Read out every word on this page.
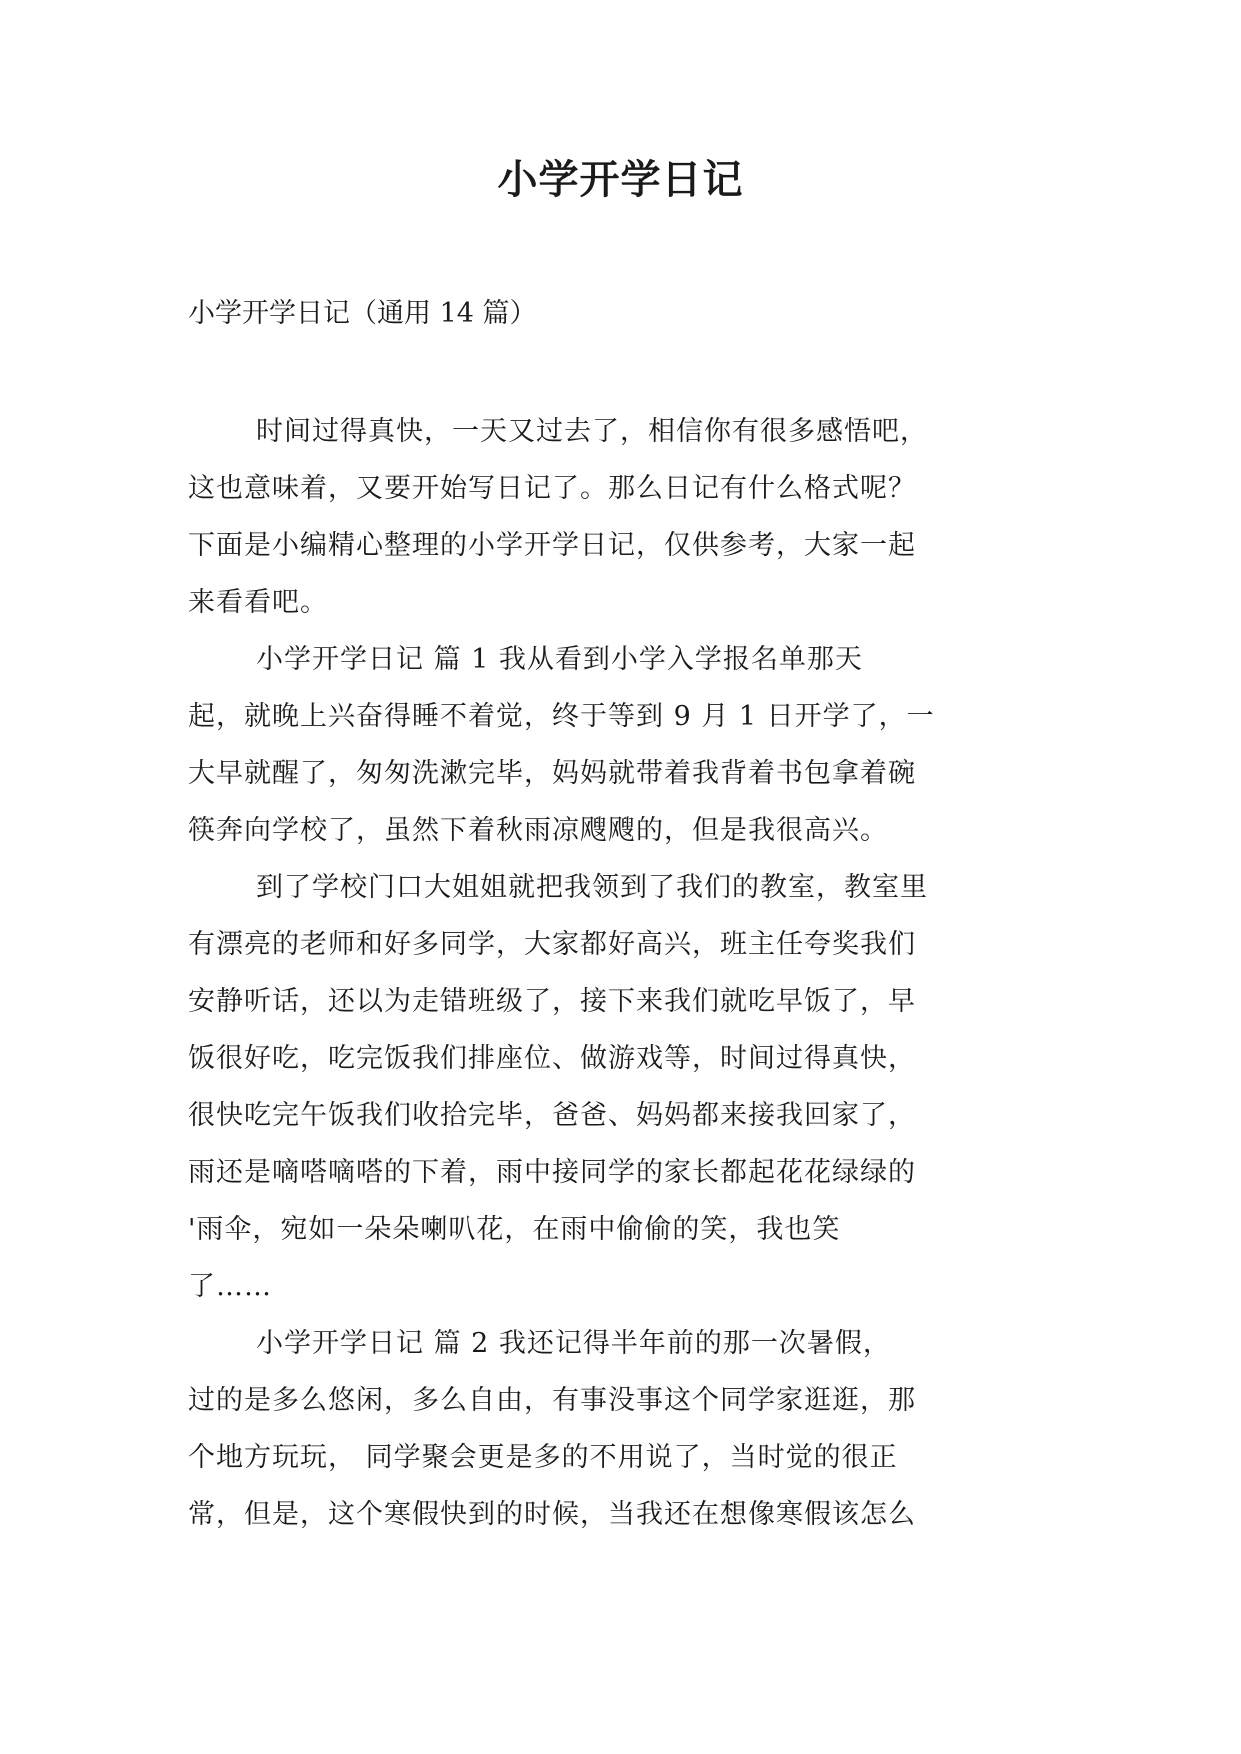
小学开学日记
小学开学日记（通用 14 篇）
时间过得真快，一天又过去了，相信你有很多感悟吧，
这也意味着，又要开始写日记了。那么日记有什么格式呢？
下面是小编精心整理的小学开学日记，仅供参考，大家一起
来看看吧。
小学开学日记 篇 1 我从看到小学入学报名单那天
起，就晚上兴奋得睡不着觉，终于等到 9 月 1 日开学了，一
大早就醒了，匆匆洗漱完毕，妈妈就带着我背着书包拿着碗
筷奔向学校了，虽然下着秋雨凉飕飕的，但是我很高兴。
到了学校门口大姐姐就把我领到了我们的教室，教室里
有漂亮的老师和好多同学，大家都好高兴，班主任夸奖我们
安静听话，还以为走错班级了，接下来我们就吃早饭了，早
饭很好吃，吃完饭我们排座位、做游戏等，时间过得真快，
很快吃完午饭我们收拾完毕，爸爸、妈妈都来接我回家了，
雨还是嘀嗒嘀嗒的下着，雨中接同学的家长都起花花绿绿的
'雨伞，宛如一朵朵喇叭花，在雨中偷偷的笑，我也笑
了……
小学开学日记 篇 2 我还记得半年前的那一次暑假，
过的是多么悠闲，多么自由，有事没事这个同学家逛逛，那
个地方玩玩， 同学聚会更是多的不用说了，当时觉的很正
常，但是，这个寒假快到的时候，当我还在想像寒假该怎么
